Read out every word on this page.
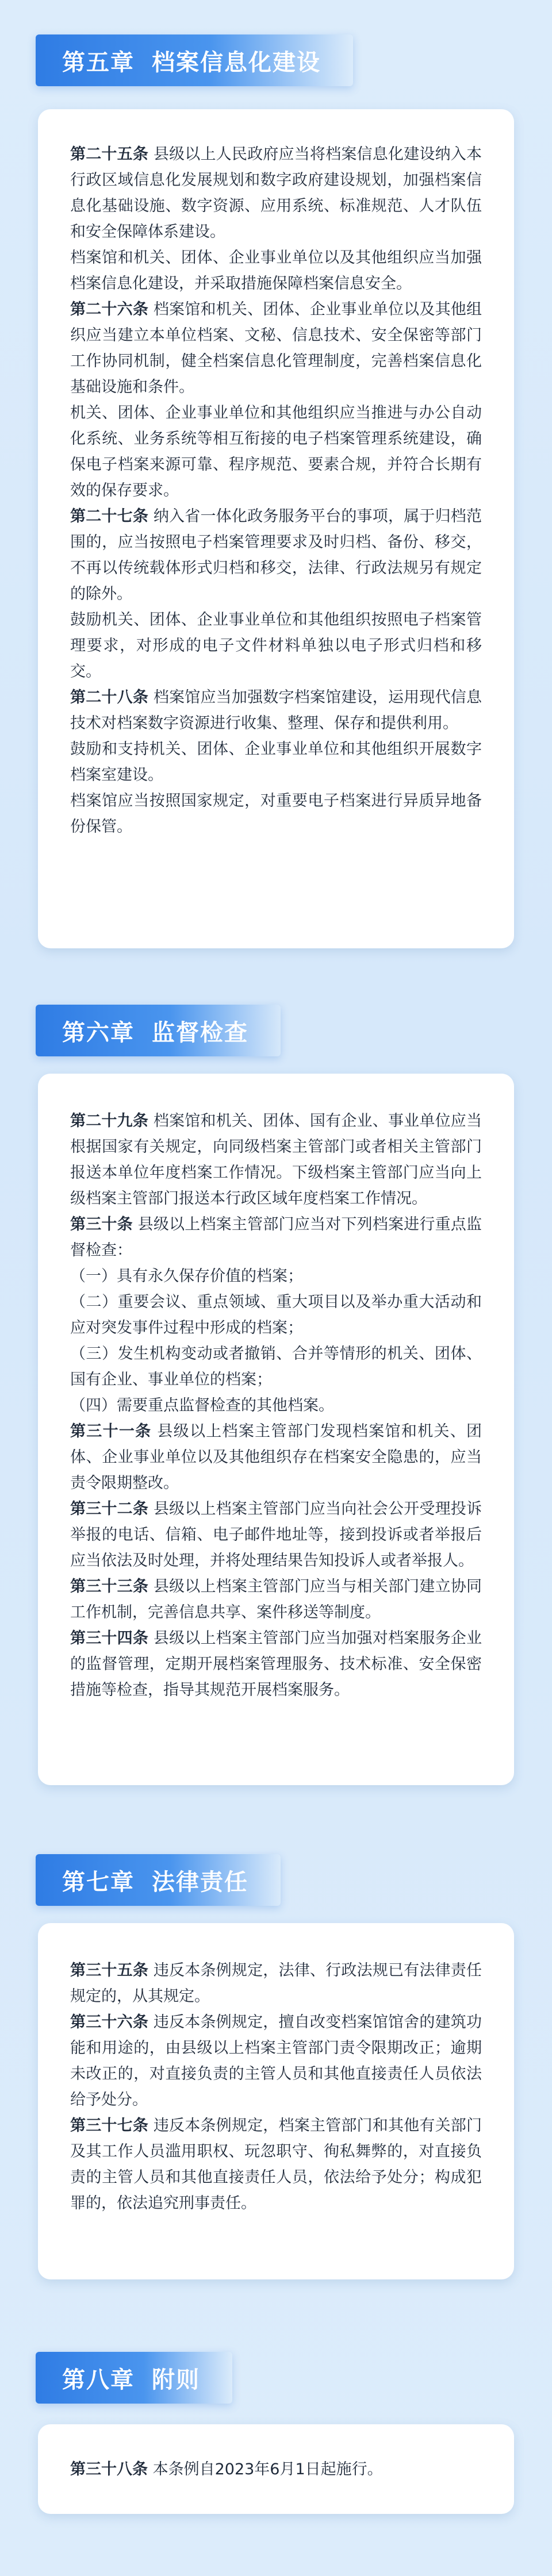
第五章 档案信息化建设

第二十五条 县级以上人民政府应当将档案信息化建设纳入本行政区域信息化发展规划和数字政府建设规划，加强档案信息化基础设施、数字资源、应用系统、标准规范、人才队伍和安全保障体系建设。

档案馆和机关、团体、企业事业单位以及其他组织应当加强档案信息化建设，并采取措施保障档案信息安全。

第二十六条 档案馆和机关、团体、企业事业单位以及其他组织应当建立本单位档案、文秘、信息技术、安全保密等部门工作协同机制，健全档案信息化管理制度，完善档案信息化基础设施和条件。

机关、团体、企业事业单位和其他组织应当推进与办公自动化系统、业务系统等相互衔接的电子档案管理系统建设，确保电子档案来源可靠、程序规范、要素合规，并符合长期有效的保存要求。

第二十七条 纳入省一体化政务服务平台的事项，属于归档范围的，应当按照电子档案管理要求及时归档、备份、移交，不再以传统载体形式归档和移交，法律、行政法规另有规定的除外。

鼓励机关、团体、企业事业单位和其他组织按照电子档案管理要求，对形成的电子文件材料单独以电子形式归档和移交。

第二十八条 档案馆应当加强数字档案馆建设，运用现代信息技术对档案数字资源进行收集、整理、保存和提供利用。

鼓励和支持机关、团体、企业事业单位和其他组织开展数字档案室建设。

档案馆应当按照国家规定，对重要电子档案进行异质异地备份保管。

第六章 监督检查

第二十九条 档案馆和机关、团体、国有企业、事业单位应当根据国家有关规定，向同级档案主管部门或者相关主管部门报送本单位年度档案工作情况。下级档案主管部门应当向上级档案主管部门报送本行政区域年度档案工作情况。

第三十条 县级以上档案主管部门应当对下列档案进行重点监督检查：

（一）具有永久保存价值的档案；

（二）重要会议、重点领域、重大项目以及举办重大活动和应对突发事件过程中形成的档案；

（三）发生机构变动或者撤销、合并等情形的机关、团体、国有企业、事业单位的档案；

（四）需要重点监督检查的其他档案。

第三十一条 县级以上档案主管部门发现档案馆和机关、团体、企业事业单位以及其他组织存在档案安全隐患的，应当责令限期整改。

第三十二条 县级以上档案主管部门应当向社会公开受理投诉举报的电话、信箱、电子邮件地址等，接到投诉或者举报后应当依法及时处理，并将处理结果告知投诉人或者举报人。

第三十三条 县级以上档案主管部门应当与相关部门建立协同工作机制，完善信息共享、案件移送等制度。

第三十四条 县级以上档案主管部门应当加强对档案服务企业的监督管理，定期开展档案管理服务、技术标准、安全保密措施等检查，指导其规范开展档案服务。

第七章 法律责任

第三十五条 违反本条例规定，法律、行政法规已有法律责任规定的，从其规定。

第三十六条 违反本条例规定，擅自改变档案馆馆舍的建筑功能和用途的，由县级以上档案主管部门责令限期改正；逾期未改正的，对直接负责的主管人员和其他直接责任人员依法给予处分。

第三十七条 违反本条例规定，档案主管部门和其他有关部门及其工作人员滥用职权、玩忽职守、徇私舞弊的，对直接负责的主管人员和其他直接责任人员，依法给予处分；构成犯罪的，依法追究刑事责任。

第八章 附则

第三十八条 本条例自2023年6月1日起施行。
